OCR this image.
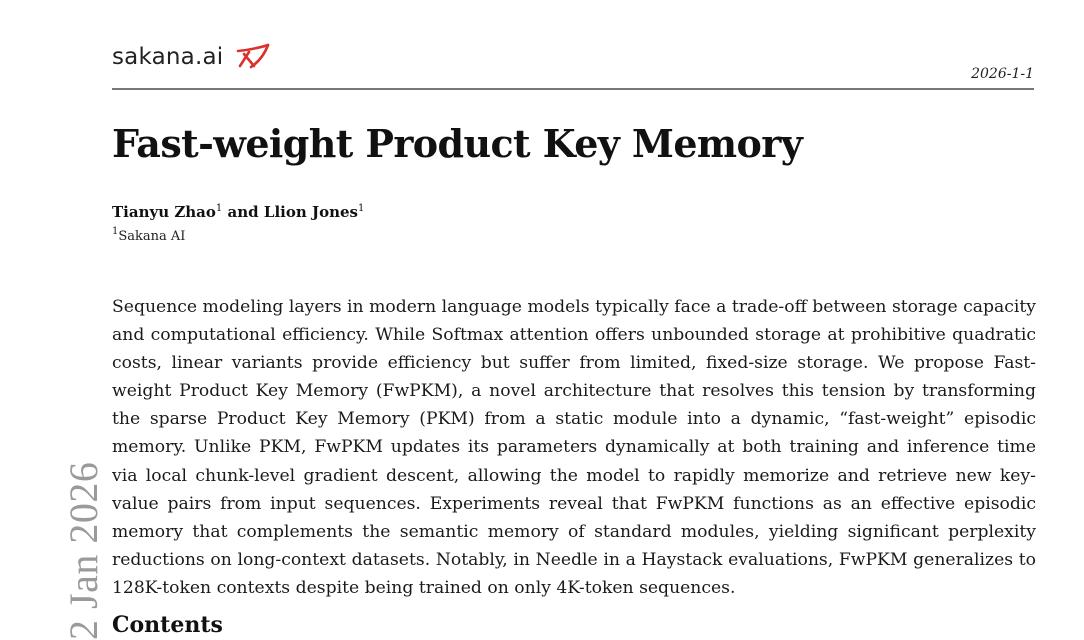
sakana.ai
2026-1-1
Fast-weight Product Key Memory
Tianyu Zhao$^1$ and Llion Jones$^1$
$^1$Sakana AI

Sequence modeling layers in modern language models typically face a trade-off between storage capacity and computational efficiency. While Softmax attention offers unbounded storage at prohibitive quadratic costs, linear variants provide efficiency but suffer from limited, fixed-size storage. We propose Fast-weight Product Key Memory (FwPKM), a novel architecture that resolves this tension by transforming the sparse Product Key Memory (PKM) from a static module into a dynamic, “fast-weight” episodic memory. Unlike PKM, FwPKM updates its parameters dynamically at both training and inference time via local chunk-level gradient descent, allowing the model to rapidly memorize and retrieve new key-value pairs from input sequences. Experiments reveal that FwPKM functions as an effective episodic memory that complements the semantic memory of standard modules, yielding significant perplexity reductions on long-context datasets. Notably, in Needle in a Haystack evaluations, FwPKM generalizes to 128K-token contexts despite being trained on only 4K-token sequences.

Contents
2 Jan 2026
